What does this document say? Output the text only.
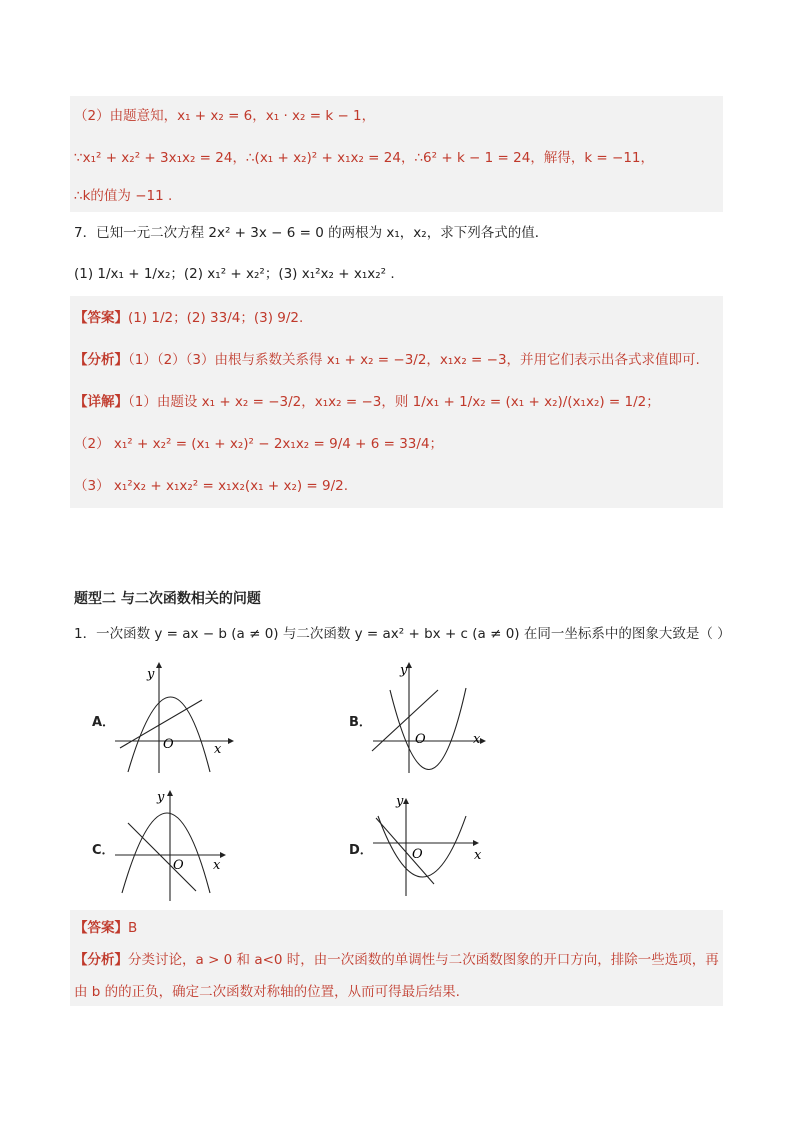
（2）由题意知，x₁ + x₂ = 6，x₁ · x₂ = k − 1，
∵x₁² + x₂² + 3x₁x₂ = 24，∴(x₁ + x₂)² + x₁x₂ = 24，∴6² + k − 1 = 24，解得，k = −11，
∴k的值为 −11 .
7．已知一元二次方程 2x² + 3x − 6 = 0 的两根为 x₁，x₂，求下列各式的值．
(1) 1/x₁ + 1/x₂；(2) x₁² + x₂²；(3) x₁²x₂ + x₁x₂² .
【答案】(1) 1/2；(2) 33/4；(3) 9/2.
【分析】（1）（2）（3）由根与系数关系得 x₁ + x₂ = −3/2，x₁x₂ = −3，并用它们表示出各式求值即可.
【详解】（1）由题设 x₁ + x₂ = −3/2，x₁x₂ = −3，则 1/x₁ + 1/x₂ = (x₁ + x₂)/(x₁x₂) = 1/2；
（2） x₁² + x₂² = (x₁ + x₂)² − 2x₁x₂ = 9/4 + 6 = 33/4；
（3） x₁²x₂ + x₁x₂² = x₁x₂(x₁ + x₂) = 9/2.
题型二 与二次函数相关的问题
1．一次函数 y = ax − b (a ≠ 0) 与二次函数 y = ax² + bx + c (a ≠ 0) 在同一坐标系中的图象大致是（ ）
A．	B．
C．	D．
x
y
O	x
y
O
x
y
O
x
y
O
【答案】B
【分析】分类讨论，a > 0 和 a<0 时，由一次函数的单调性与二次函数图象的开口方向，排除一些选项，再
由 b 的的正负，确定二次函数对称轴的位置，从而可得最后结果.
